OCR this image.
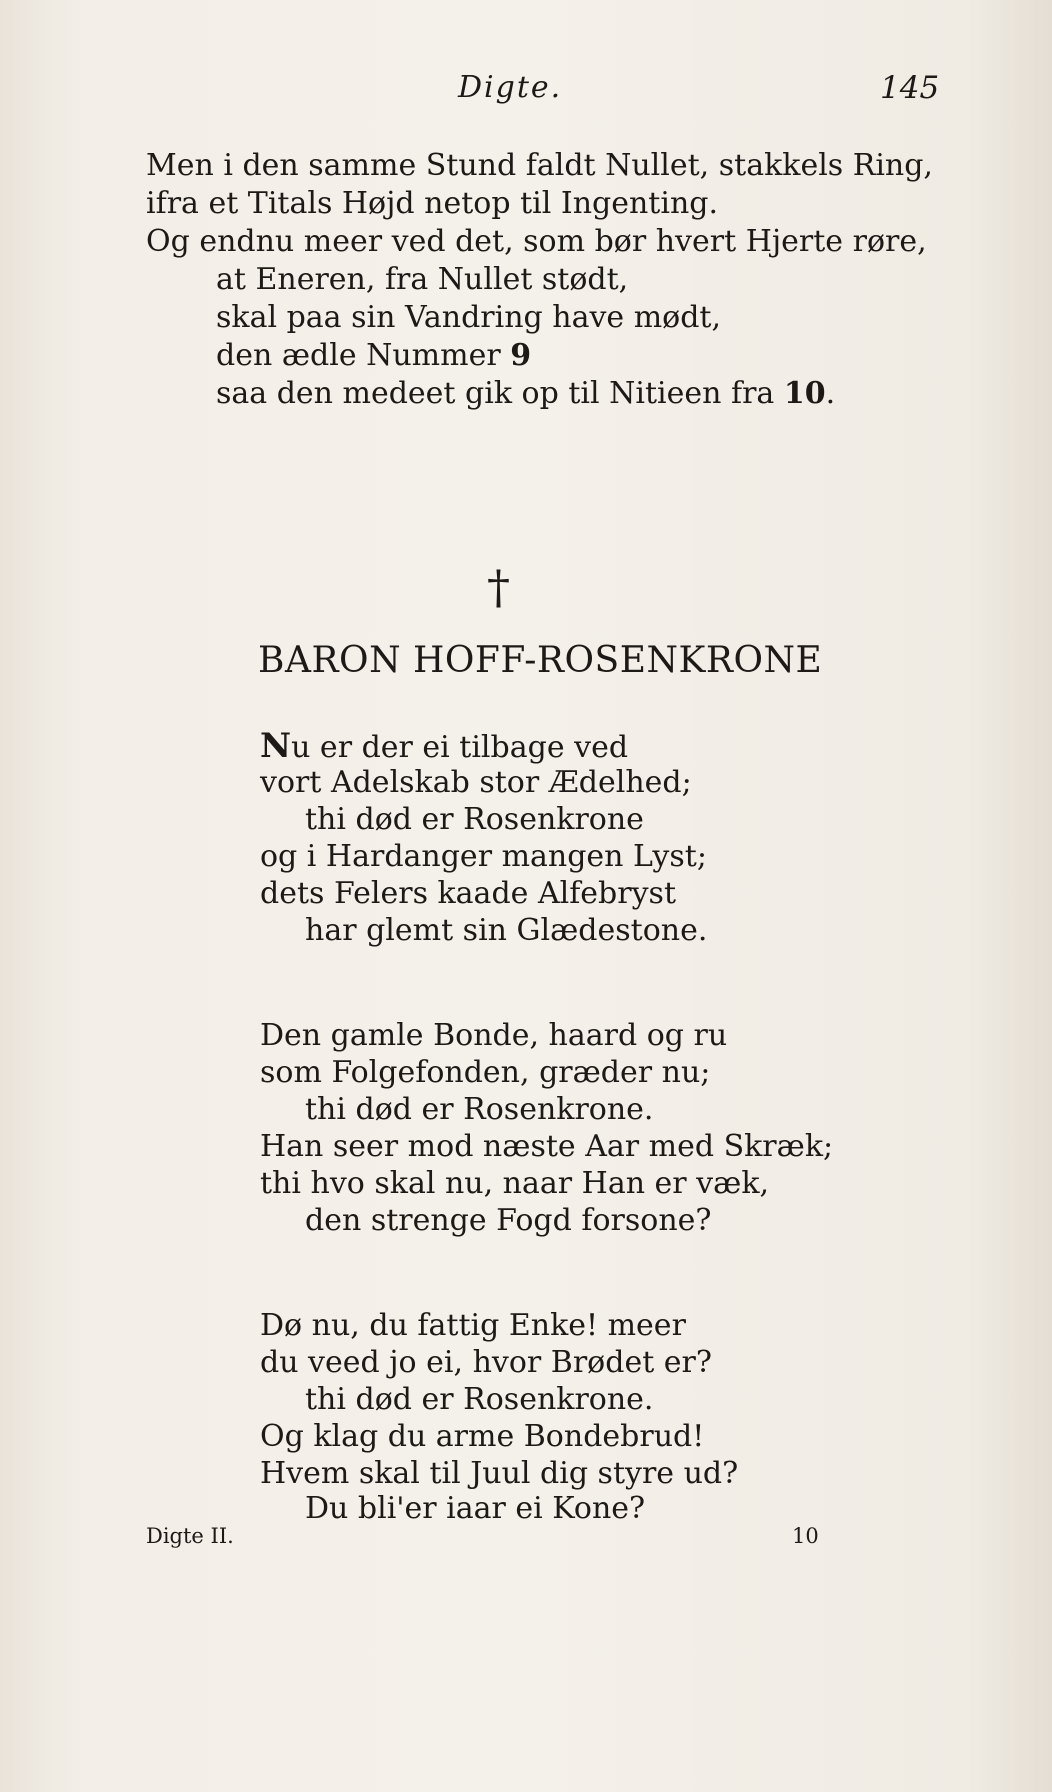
Digte.	145
Men i den samme Stund faldt Nullet, stakkels Ring,
ifra et Titals Højd netop til Ingenting.
Og endnu meer ved det, som bør hvert Hjerte røre,
at Eneren, fra Nullet stødt,
skal paa sin Vandring have mødt,
den ædle Nummer 9
saa den medeet gik op til Nitieen fra 10.
†
BARON HOFF-ROSENKRONE
Nu er der ei tilbage ved
vort Adelskab stor Ædelhed;
thi død er Rosenkrone
og i Hardanger mangen Lyst;
dets Felers kaade Alfebryst
har glemt sin Glædestone.
Den gamle Bonde, haard og ru
som Folgefonden, græder nu;
thi død er Rosenkrone.
Han seer mod næste Aar med Skræk;
thi hvo skal nu, naar Han er væk,
den strenge Fogd forsone?
Dø nu, du fattig Enke! meer
du veed jo ei, hvor Brødet er?
thi død er Rosenkrone.
Og klag du arme Bondebrud!
Hvem skal til Juul dig styre ud?
Du bli'er iaar ei Kone?
Digte II.	10
